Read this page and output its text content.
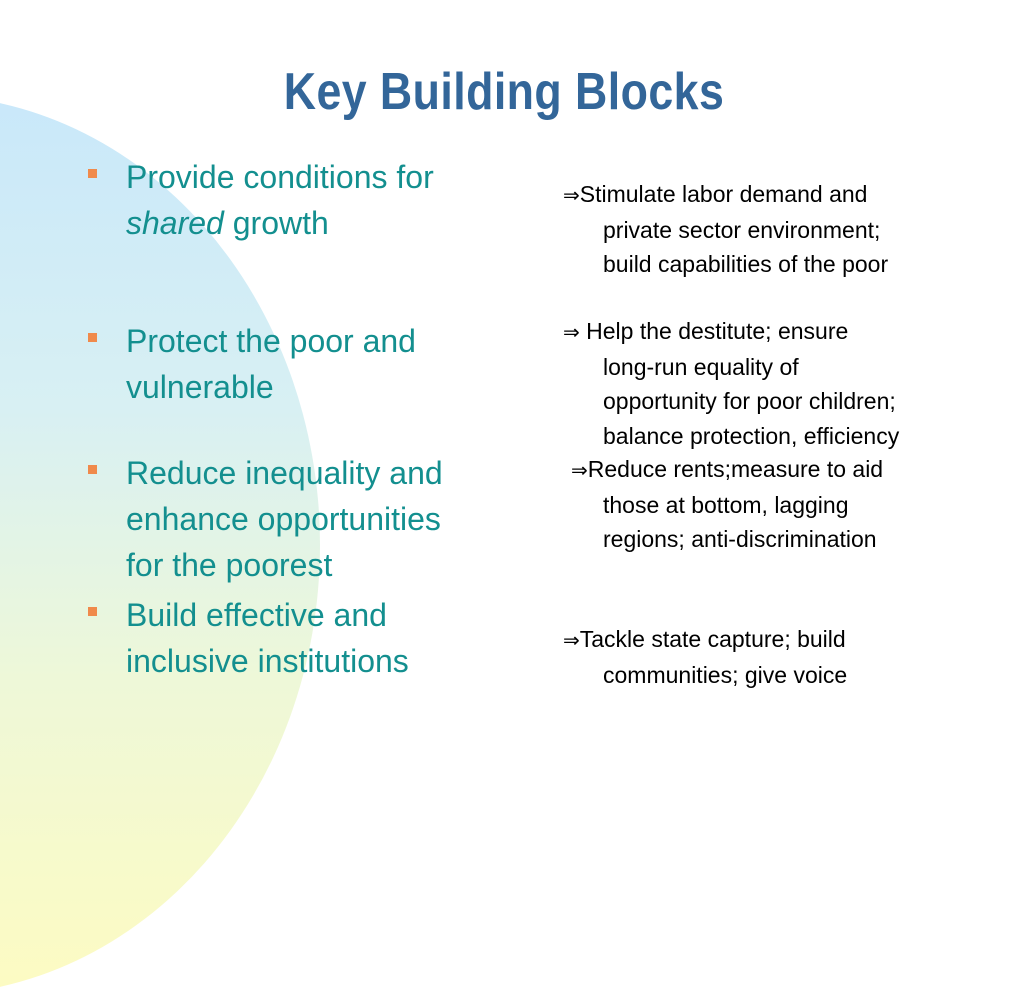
Key Building Blocks
Provide conditions for
shared growth
Protect the poor and
vulnerable
Reduce inequality and
enhance opportunities
for the poorest
Build effective and
inclusive institutions
⇒Stimulate labor demand and
private sector environment;
build capabilities of the poor
⇒ Help the destitute; ensure
long-run equality of
opportunity for poor children;
balance protection, efficiency
⇒Reduce rents;measure to aid
those at bottom, lagging
regions; anti-discrimination
⇒Tackle state capture; build
communities; give voice
